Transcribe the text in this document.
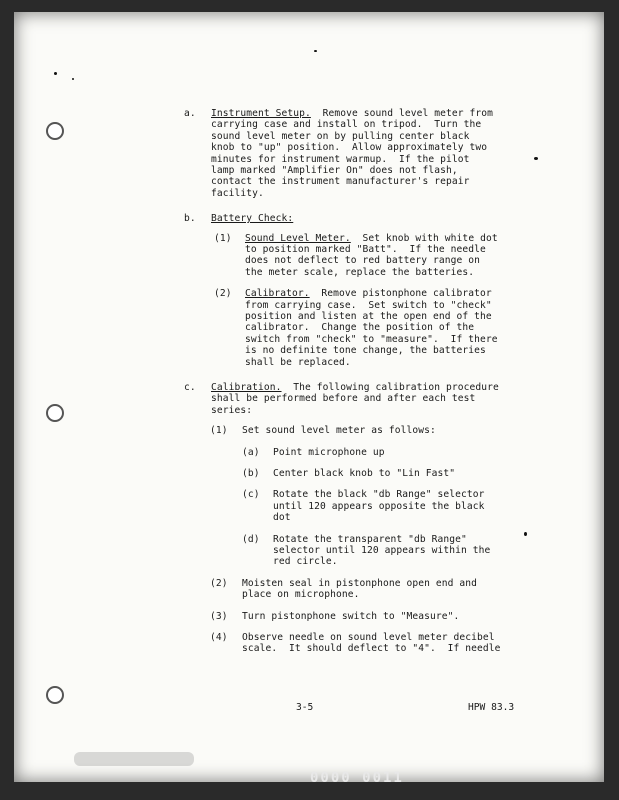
a. Instrument Setup. Remove sound level meter from
carrying case and install on tripod.  Turn the
sound level meter on by pulling center black
knob to "up" position.  Allow approximately two
minutes for instrument warmup.  If the pilot
lamp marked "Amplifier On" does not flash,
contact the instrument manufacturer's repair
facility.
b. Battery Check:
(1) Sound Level Meter. Set knob with white dot
to position marked "Batt".  If the needle
does not deflect to red battery range on
the meter scale, replace the batteries.
(2) Calibrator. Remove pistonphone calibrator
from carrying case.  Set switch to "check"
position and listen at the open end of the
calibrator.  Change the position of the
switch from "check" to "measure".  If there
is no definite tone change, the batteries
shall be replaced.
c. Calibration. The following calibration procedure
shall be performed before and after each test
series:
(1) Set sound level meter as follows:
(a) Point microphone up
(b) Center black knob to "Lin Fast"
(c) Rotate the black "db Range" selector
until 120 appears opposite the black
dot
(d) Rotate the transparent "db Range"
selector until 120 appears within the
red circle.
(2) Moisten seal in pistonphone open end and
place on microphone.
(3) Turn pistonphone switch to "Measure".
(4) Observe needle on sound level meter decibel
scale.  It should deflect to "4".  If needle
3-5	HPW 83.3
0000 0011
